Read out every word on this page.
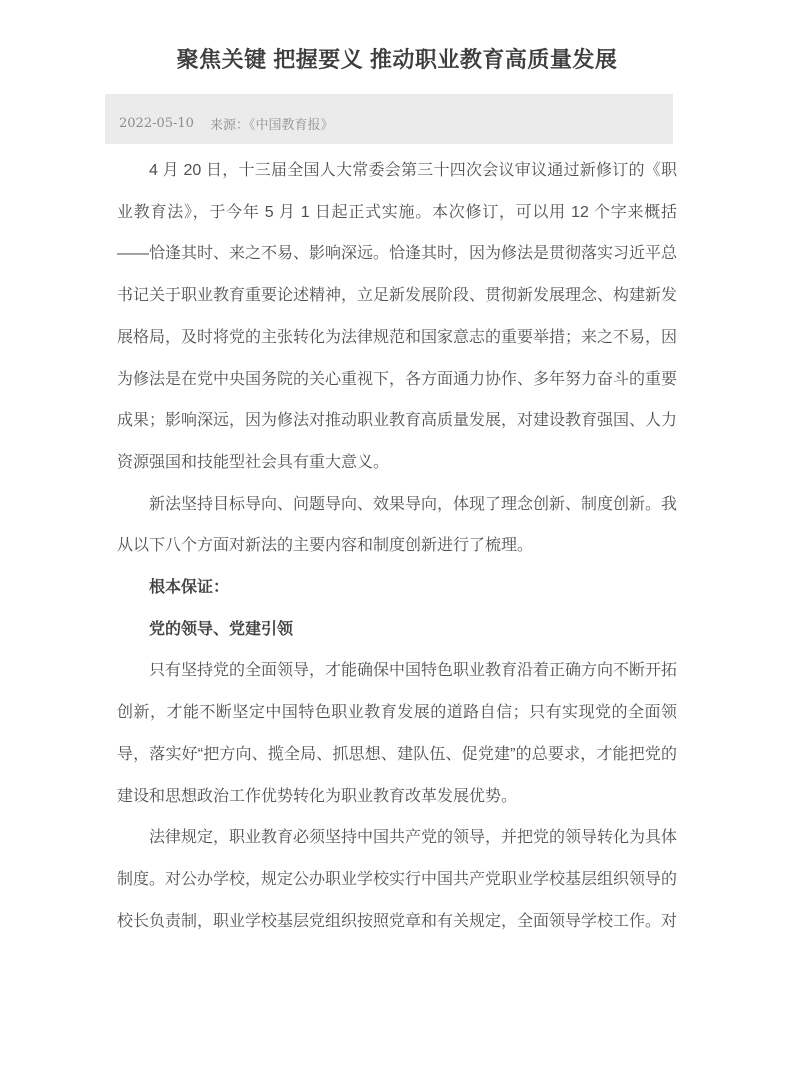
聚焦关键 把握要义 推动职业教育高质量发展
2022-05-10 来源：《中国教育报》

4 月 20 日，十三届全国人大常委会第三十四次会议审议通过新修订的《职业教育法》，于今年 5 月 1 日起正式实施。本次修订，可以用 12 个字来概括——恰逢其时、来之不易、影响深远。恰逢其时，因为修法是贯彻落实习近平总书记关于职业教育重要论述精神，立足新发展阶段、贯彻新发展理念、构建新发展格局，及时将党的主张转化为法律规范和国家意志的重要举措；来之不易，因为修法是在党中央国务院的关心重视下，各方面通力协作、多年努力奋斗的重要成果；影响深远，因为修法对推动职业教育高质量发展，对建设教育强国、人力资源强国和技能型社会具有重大意义。

新法坚持目标导向、问题导向、效果导向，体现了理念创新、制度创新。我从以下八个方面对新法的主要内容和制度创新进行了梳理。

根本保证：

党的领导、党建引领

只有坚持党的全面领导，才能确保中国特色职业教育沿着正确方向不断开拓创新，才能不断坚定中国特色职业教育发展的道路自信；只有实现党的全面领导，落实好“把方向、揽全局、抓思想、建队伍、促党建”的总要求，才能把党的建设和思想政治工作优势转化为职业教育改革发展优势。

法律规定，职业教育必须坚持中国共产党的领导，并把党的领导转化为具体制度。对公办学校，规定公办职业学校实行中国共产党职业学校基层组织领导的校长负责制，职业学校基层党组织按照党章和有关规定，全面领导学校工作。对
